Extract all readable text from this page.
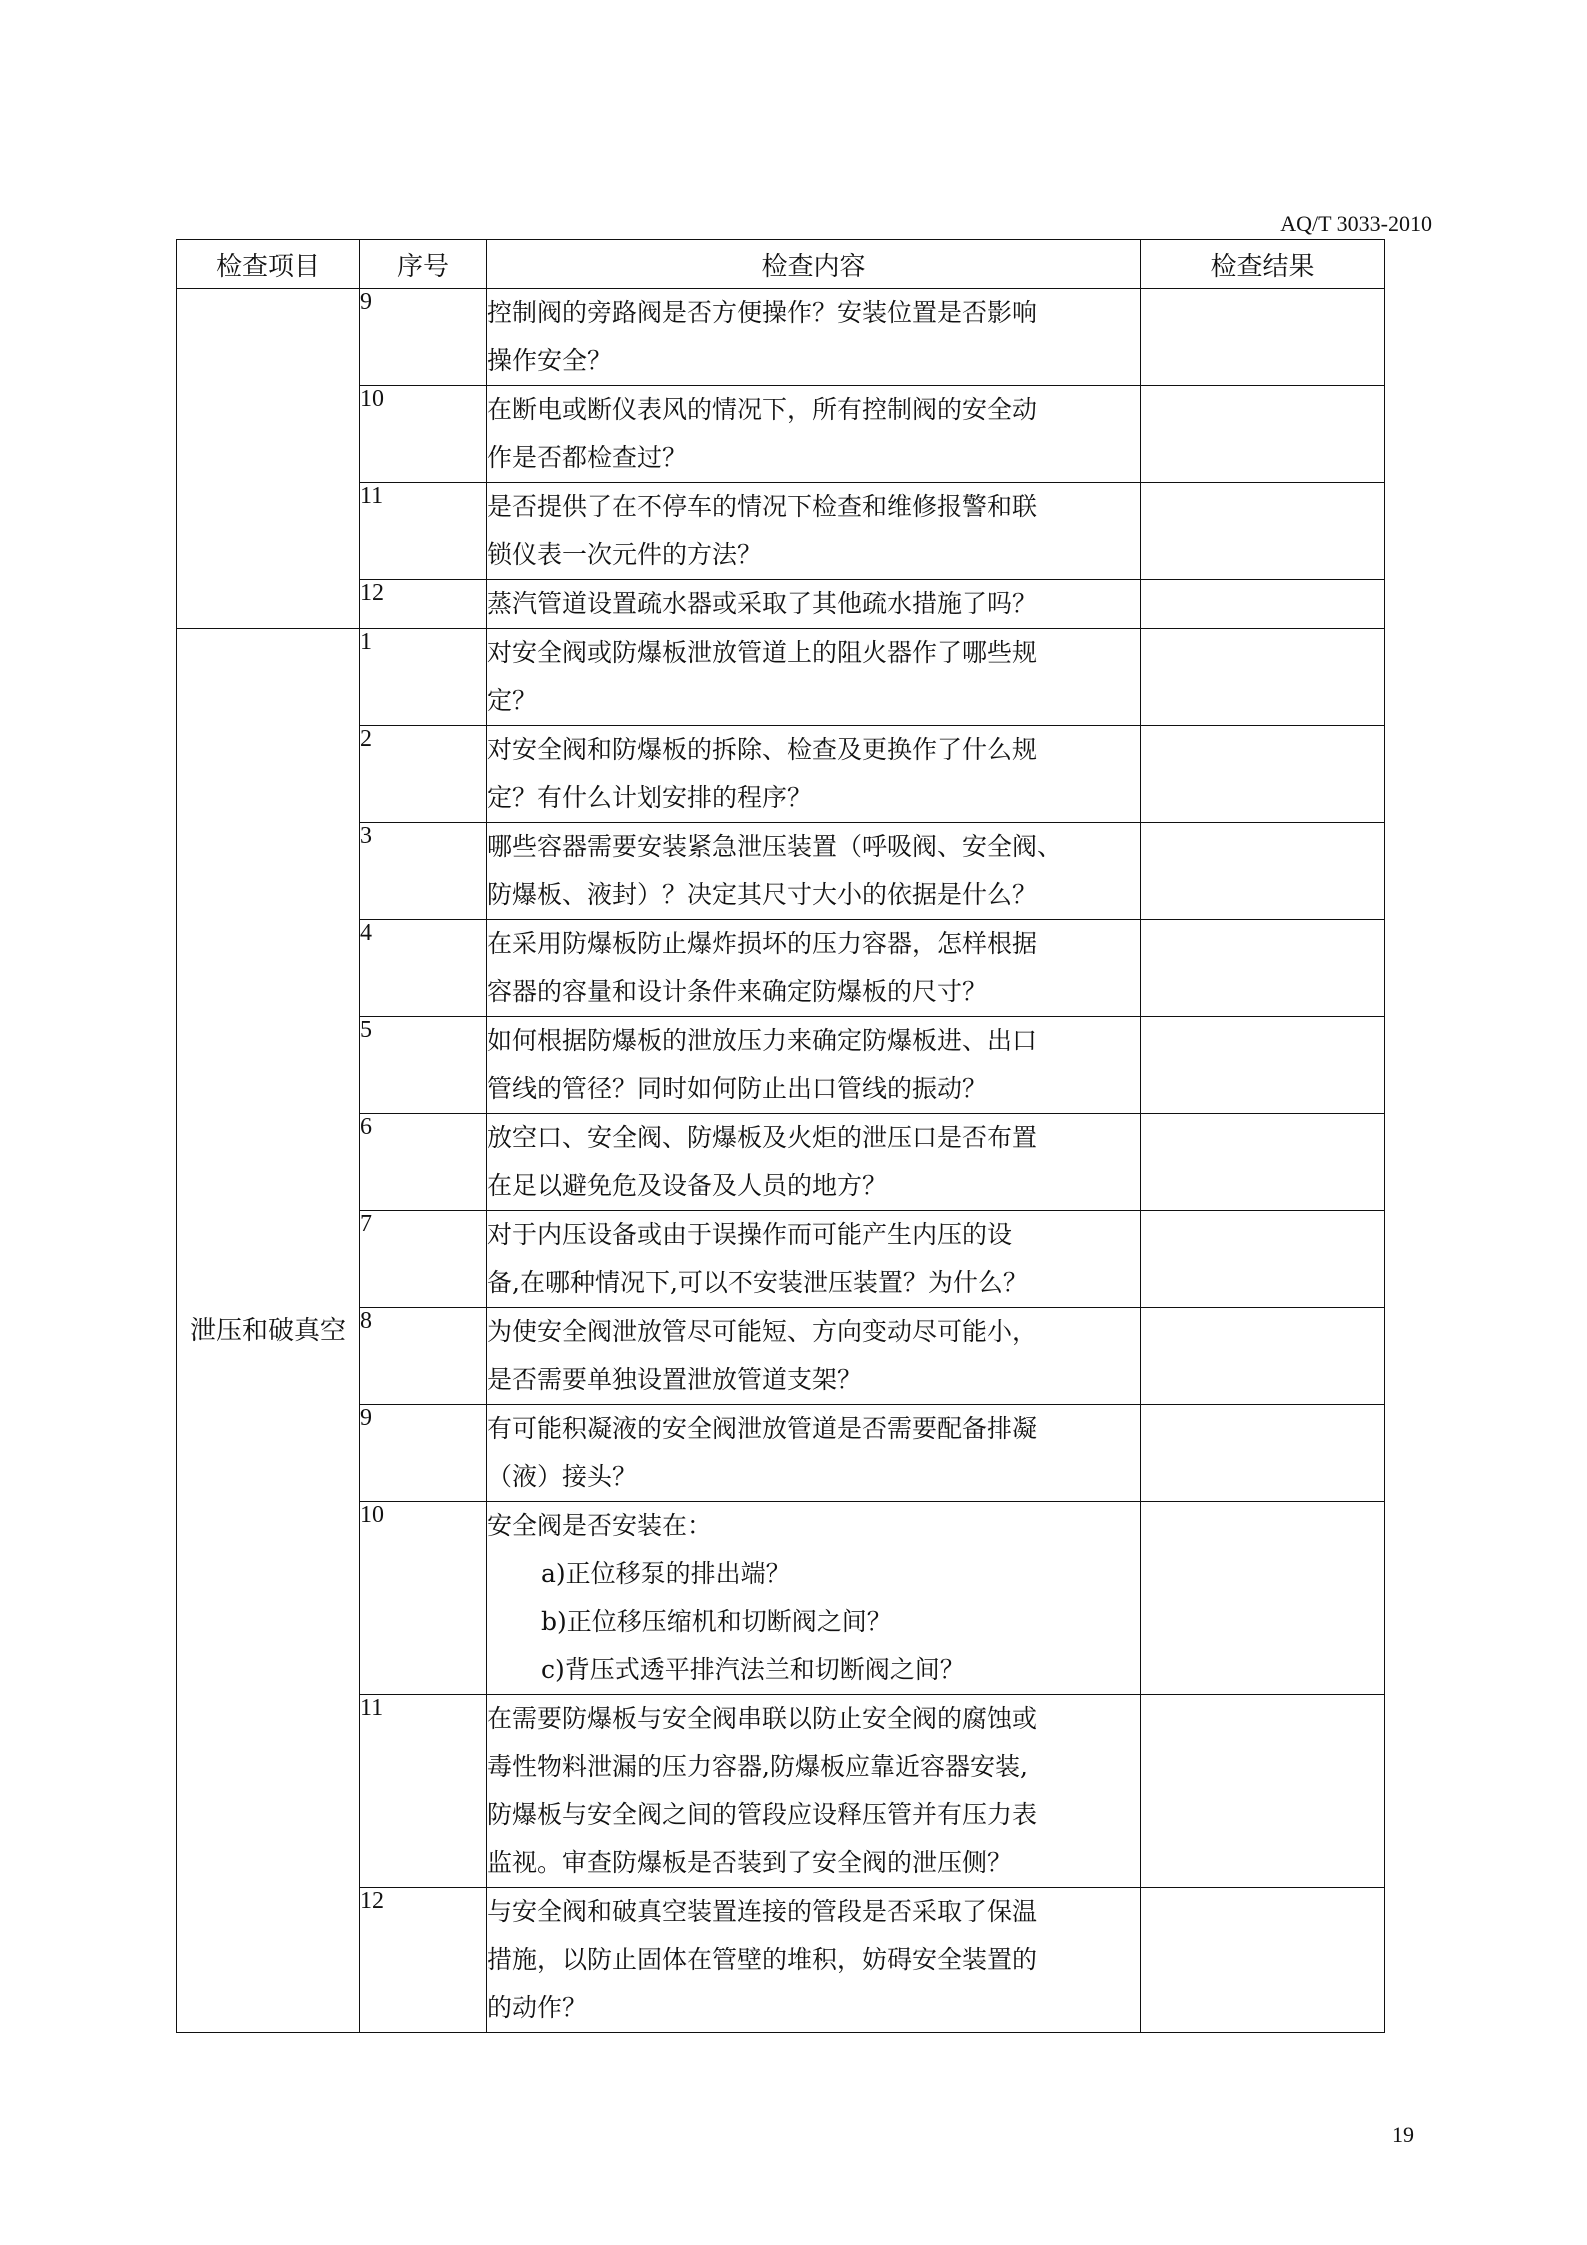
AQ/T 3033-2010
检查项目	序号	检查内容	检查结果
	9	控制阀的旁路阀是否方便操作？安装位置是否影响
操作安全？	

	10	在断电或断仪表风的情况下，所有控制阀的安全动
作是否都检查过？	

	11	是否提供了在不停车的情况下检查和维修报警和联
锁仪表一次元件的方法？	

	12	蒸汽管道设置疏水器或采取了其他疏水措施了吗？	

泄压和破真空	1	对安全阀或防爆板泄放管道上的阻火器作了哪些规
定？	

	2	对安全阀和防爆板的拆除、检查及更换作了什么规
定？有什么计划安排的程序？	

	3	哪些容器需要安装紧急泄压装置（呼吸阀、安全阀、
防爆板、液封）？决定其尺寸大小的依据是什么？	

	4	在采用防爆板防止爆炸损坏的压力容器，怎样根据
容器的容量和设计条件来确定防爆板的尺寸？	

	5	如何根据防爆板的泄放压力来确定防爆板进、出口
管线的管径？同时如何防止出口管线的振动？	

	6	放空口、安全阀、防爆板及火炬的泄压口是否布置
在足以避免危及设备及人员的地方？	

	7	对于内压设备或由于误操作而可能产生内压的设
备,在哪种情况下,可以不安装泄压装置？为什么？	

	8	为使安全阀泄放管尽可能短、方向变动尽可能小，
是否需要单独设置泄放管道支架？	

	9	有可能积凝液的安全阀泄放管道是否需要配备排凝
（液）接头？	

	10	安全阀是否安装在：
a)正位移泵的排出端？
b)正位移压缩机和切断阀之间？
c)背压式透平排汽法兰和切断阀之间？	

	11	在需要防爆板与安全阀串联以防止安全阀的腐蚀或
毒性物料泄漏的压力容器,防爆板应靠近容器安装,
防爆板与安全阀之间的管段应设释压管并有压力表
监视。审查防爆板是否装到了安全阀的泄压侧？	

	12	与安全阀和破真空装置连接的管段是否采取了保温
措施，以防止固体在管壁的堆积，妨碍安全装置的
的动作？	

19
